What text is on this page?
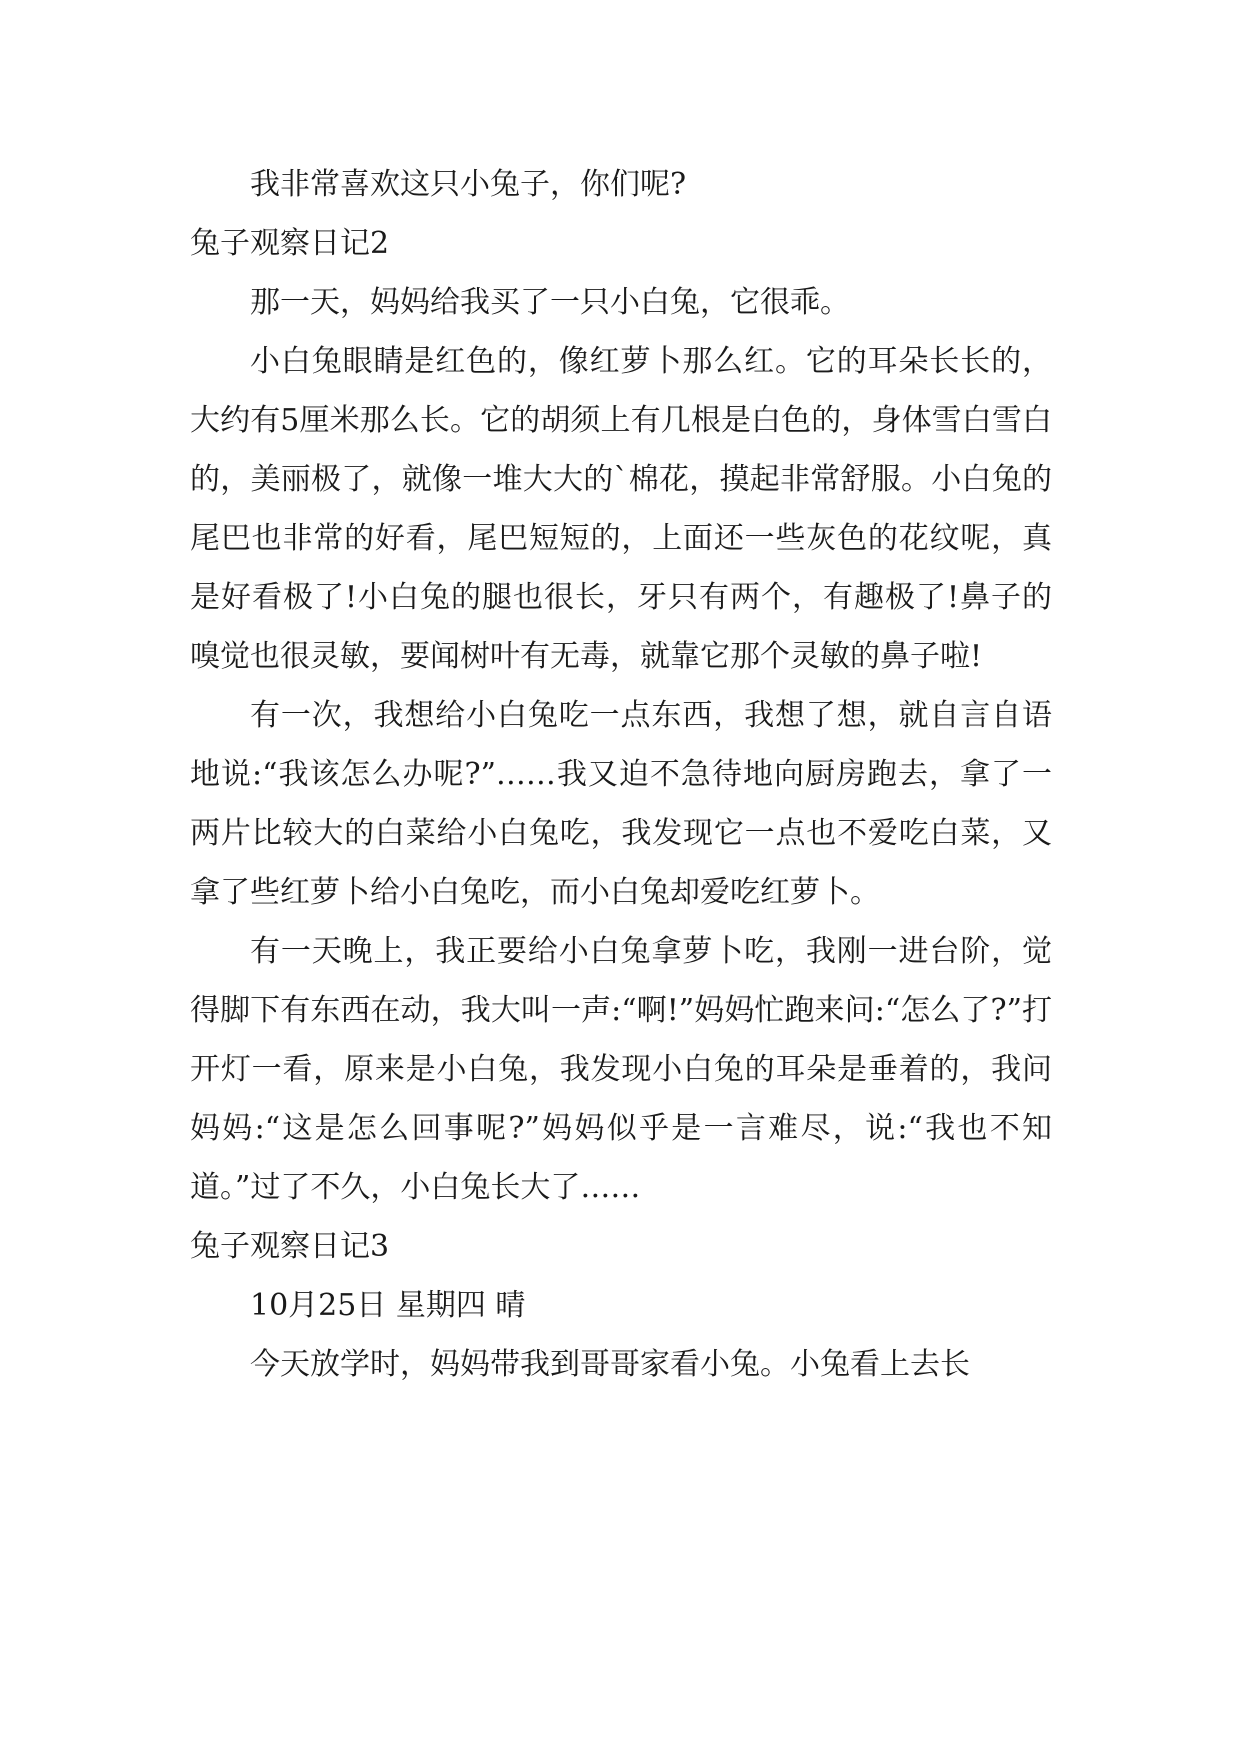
我非常喜欢这只小兔子，你们呢?

兔子观察日记2

那一天，妈妈给我买了一只小白兔，它很乖。

小白兔眼睛是红色的，像红萝卜那么红。它的耳朵长长的，大约有5厘米那么长。它的胡须上有几根是白色的，身体雪白雪白的，美丽极了，就像一堆大大的`棉花，摸起非常舒服。小白兔的尾巴也非常的好看，尾巴短短的，上面还一些灰色的花纹呢，真是好看极了!小白兔的腿也很长，牙只有两个，有趣极了!鼻子的嗅觉也很灵敏，要闻树叶有无毒，就靠它那个灵敏的鼻子啦!

有一次，我想给小白兔吃一点东西，我想了想，就自言自语地说:“我该怎么办呢?”……我又迫不急待地向厨房跑去，拿了一两片比较大的白菜给小白兔吃，我发现它一点也不爱吃白菜，又拿了些红萝卜给小白兔吃，而小白兔却爱吃红萝卜。

有一天晚上，我正要给小白兔拿萝卜吃，我刚一进台阶，觉得脚下有东西在动，我大叫一声:“啊!”妈妈忙跑来问:“怎么了?”打开灯一看，原来是小白兔，我发现小白兔的耳朵是垂着的，我问妈妈:“这是怎么回事呢?”妈妈似乎是一言难尽，说:“我也不知道。”过了不久，小白兔长大了……

兔子观察日记3

10月25日 星期四 晴

今天放学时，妈妈带我到哥哥家看小兔。小兔看上去长
